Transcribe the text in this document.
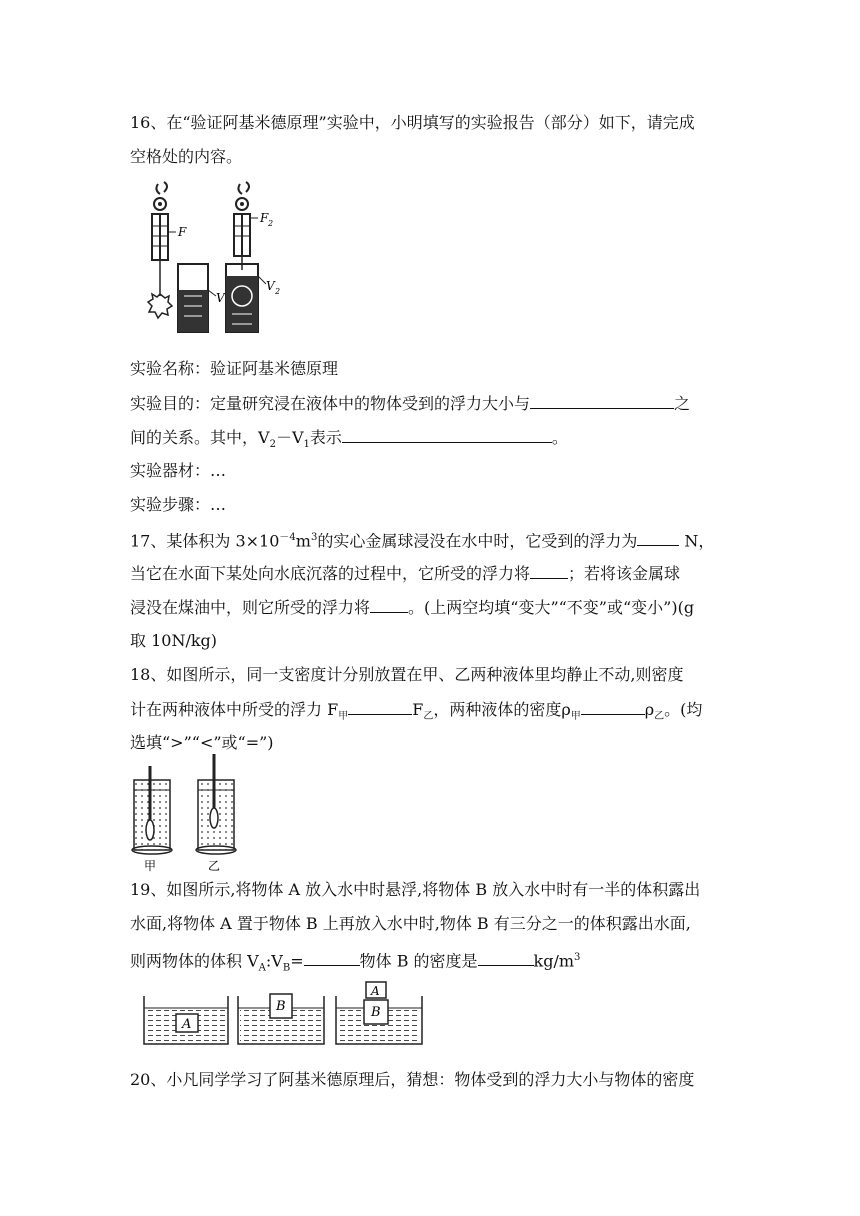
16、在“验证阿基米德原理”实验中，小明填写的实验报告（部分）如下，请完成
空格处的内容。
F
V
F 2
V 2
实验名称：验证阿基米德原理
实验目的：定量研究浸在液体中的物体受到的浮力大小与	之
间的关系。其中，$V_2-V_1$表示	。
实验器材：…
实验步骤：…
17、某体积为 $3\times 10^{-4}m^3$的实心金属球浸没在水中时，它受到的浮力为	N，
当它在水面下某处向水底沉落的过程中，它所受的浮力将 ；若将该金属球
浸没在煤油中，则它所受的浮力将 。(上两空均填“变大”“不变”或“变小”)(g
取 10N/kg)
18、如图所示，同一支密度计分别放置在甲、乙两种液体里均静止不动,则密度
计在两种液体中所受的浮力 $F_甲$	$F_乙$，两种液体的密度$\rho_甲$	$\rho_乙$。(均
选填“>”“<”或“=”)
甲	乙
19、如图所示,将物体 A 放入水中时悬浮,将物体 B 放入水中时有一半的体积露出
水面,将物体 A 置于物体 B 上再放入水中时,物体 B 有三分之一的体积露出水面,
则两物体的体积 $V_A:V_B=$	物体 B 的密度是	$kg/m^3$
A
B
A
B
20、小凡同学学习了阿基米德原理后，猜想：物体受到的浮力大小与物体的密度
